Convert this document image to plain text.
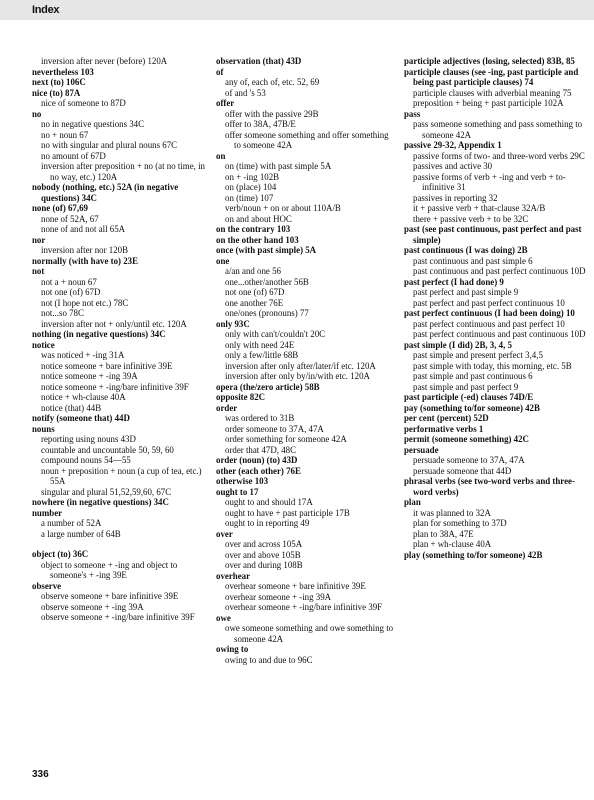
Index
inversion after never (before) 120A
nevertheless 103
next (to) 106C
nice (to) 87A
nice of someone to 87D
no
no in negative questions 34C
no + noun 67
no with singular and plural nouns 67C
no amount of 67D
inversion after preposition + no (at no time, in no way, etc.) 120A
nobody (nothing, etc.) 52A (in negative questions) 34C
none (of) 67,69
none of 52A, 67
none of and not all 65A
nor
inversion after nor 120B
normally (with have to) 23E
not
not a + noun 67
not one (of) 67D
not (I hope not etc.) 78C
not...so 78C
inversion after not + only/until etc. 120A
nothing (in negative questions) 34C
notice
was noticed + -ing 31A
notice someone + bare infinitive 39E
notice someone + -ing 39A
notice someone + -ing/bare infinitive 39F
notice + wh-clause 40A
notice (that) 44B
notify (someone that) 44D
nouns
reporting using nouns 43D
countable and uncountable 50, 59, 60
compound nouns 54—55
noun + preposition + noun (a cup of tea, etc.) 55A
singular and plural 51,52,59,60, 67C
nowhere (in negative questions) 34C
number
a number of 52A
a large number of 64B
object (to) 36C
object to someone + -ing and object to someone's + -ing 39E
observe
observe someone + bare infinitive 39E
observe someone + -ing 39A
observe someone + -ing/bare infinitive 39F
observation (that) 43D
of
any of, each of, etc. 52, 69
of and 's 53
offer
offer with the passive 29B
offer to 38A, 47B/E
offer someone something and offer something to someone 42A
on
on (time) with past simple 5A
on + -ing 102B
on (place) 104
on (time) 107
verb/noun + on or about 110A/B
on and about HOC
on the contrary 103
on the other hand 103
once (with past simple) 5A
one
a/an and one 56
one...other/another 56B
not one (of) 67D
one another 76E
one/ones (pronouns) 77
only 93C
only with can't/couldn't 20C
only with need 24E
only a few/little 68B
inversion after only after/later/if etc. 120A
inversion after only by/in/with etc. 120A
opera (the/zero article) 58B
opposite 82C
order
was ordered to 31B
order someone to 37A, 47A
order something for someone 42A
order that 47D, 48C
order (noun) (to) 43D
other (each other) 76E
otherwise 103
ought to 17
ought to and should 17A
ought to have + past participle 17B
ought to in reporting 49
over
over and across 105A
over and above 105B
over and during 108B
overhear
overhear someone + bare infinitive 39E
overhear someone + -ing 39A
overhear someone + -ing/bare infinitive 39F
owe
owe someone something and owe something to someone 42A
owing to
owing to and due to 96C
participle adjectives (losing, selected) 83B, 85
participle clauses (see -ing, past participle and being past participle clauses) 74
participle clauses with adverbial meaning 75
preposition + being + past participle 102A
pass
pass someone something and pass something to someone 42A
passive 29-32, Appendix 1
passive forms of two- and three-word verbs 29C
passives and active 30
passive forms of verb + -ing and verb + to-infinitive 31
passives in reporting 32
it + passive verb + that-clause 32A/B
there + passive verb + to be 32C
past (see past continuous, past perfect and past simple)
past continuous (I was doing) 2B
past continuous and past simple 6
past continuous and past perfect continuous 10D
past perfect (I had done) 9
past perfect and past simple 9
past perfect and past perfect continuous 10
past perfect continuous (I had been doing) 10
past perfect continuous and past perfect 10
past perfect continuous and past continuous 10D
past simple (I did) 2B, 3, 4, 5
past simple and present perfect 3,4,5
past simple with today, this morning, etc. 5B
past simple and past continuous 6
past simple and past perfect 9
past participle (-ed) clauses 74D/E
pay (something to/for someone) 42B
per cent (percent) 52D
performative verbs 1
permit (someone something) 42C
persuade
persuade someone to 37A, 47A
persuade someone that 44D
phrasal verbs (see two-word verbs and three-word verbs)
plan
it was planned to 32A
plan for something to 37D
plan to 38A, 47E
plan + wh-clause 40A
play (something to/for someone) 42B
336
